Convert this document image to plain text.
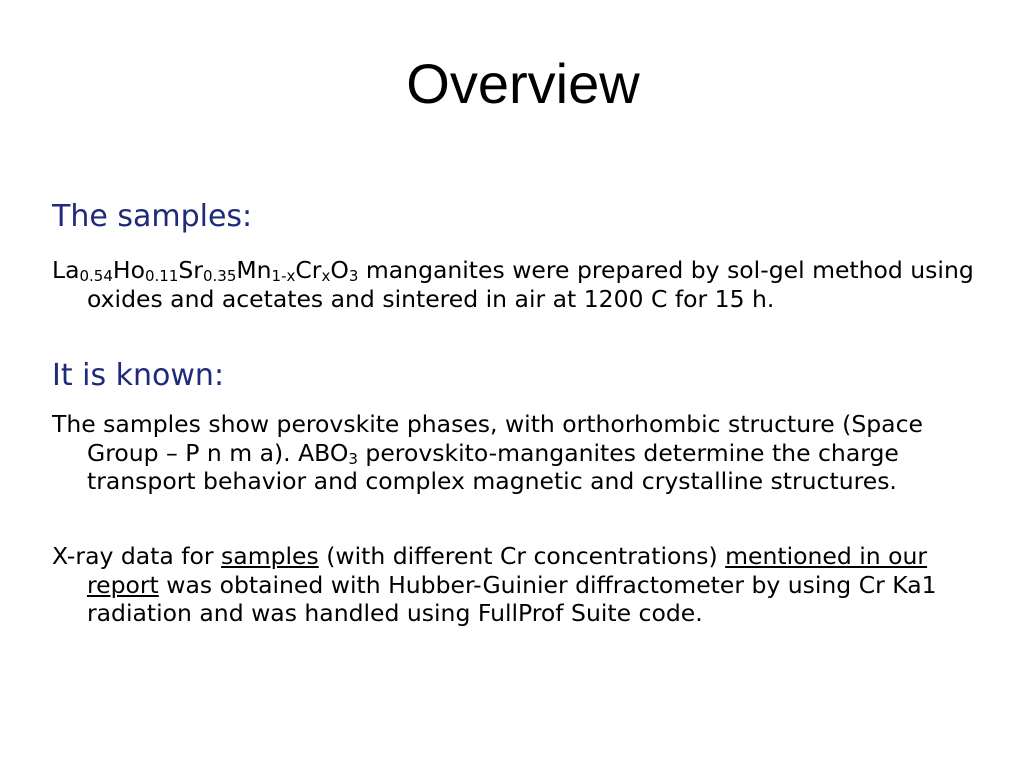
Overview
The samples:
$La_{0.54}Ho_{0.11}Sr_{0.35}Mn_{1-x}Cr_xO_3$ manganites were prepared by sol-gel method using oxides and acetates and sintered in air at 1200 C for 15 h.
It is known:
The samples show perovskite phases, with orthorhombic structure (Space Group – P n m a). $ABO_3$ perovskito-manganites determine the charge transport behavior and complex magnetic and crystalline structures.
X-ray data for samples (with different Cr concentrations) mentioned in our report was obtained with Hubber-Guinier diffractometer by using Cr Ka1 radiation and was handled using FullProf Suite code.
